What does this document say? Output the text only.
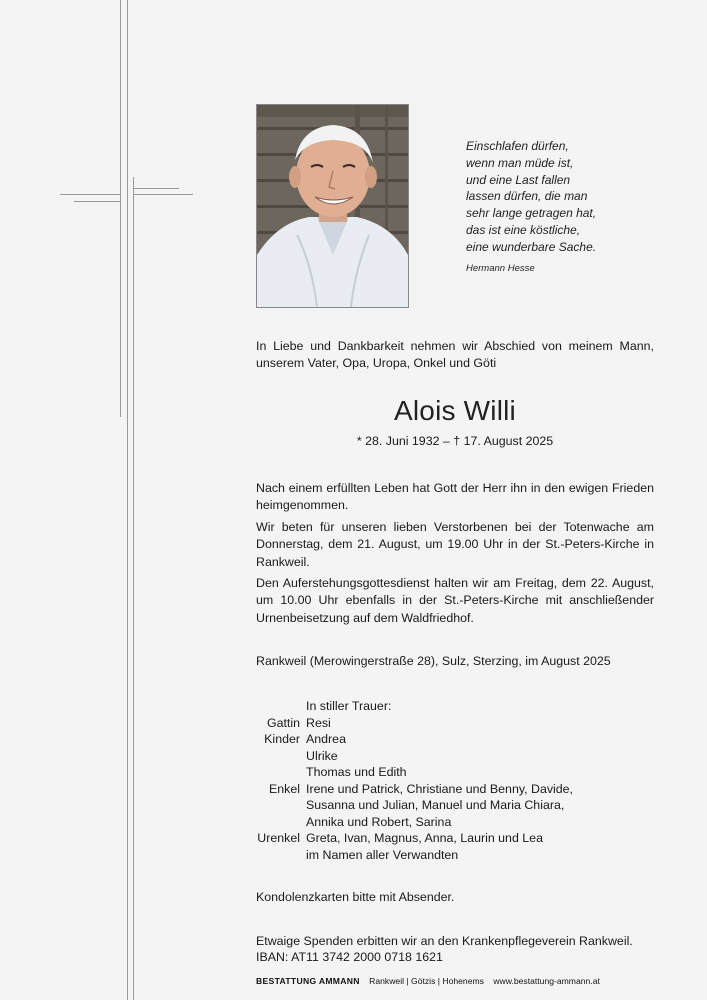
Einschlafen dürfen,
wenn man müde ist,
und eine Last fallen
lassen dürfen, die man
sehr lange getragen hat,
das ist eine köstliche,
eine wunderbare Sache.
Hermann Hesse
In Liebe und Dankbarkeit nehmen wir Abschied von meinem Mann, unserem Vater, Opa, Uropa, Onkel und Göti
Alois Willi
* 28. Juni 1932 – † 17. August 2025
Nach einem erfüllten Leben hat Gott der Herr ihn in den ewigen Frieden heimgenommen.
Wir beten für unseren lieben Verstorbenen bei der Totenwache am Donnerstag, dem 21. August, um 19.00 Uhr in der St.-Peters-Kirche in Rankweil.
Den Auferstehungsgottesdienst halten wir am Freitag, dem 22. August, um 10.00 Uhr ebenfalls in der St.-Peters-Kirche mit anschließender Urnenbeisetzung auf dem Waldfriedhof.
Rankweil (Merowingerstraße 28), Sulz, Sterzing, im August 2025
In stiller Trauer:
Gattin Resi
Kinder Andrea
Ulrike
Thomas und Edith
Enkel Irene und Patrick, Christiane und Benny, Davide,
Susanna und Julian, Manuel und Maria Chiara,
Annika und Robert, Sarina
Urenkel Greta, Ivan, Magnus, Anna, Laurin und Lea
im Namen aller Verwandten
Kondolenzkarten bitte mit Absender.
Etwaige Spenden erbitten wir an den Krankenpflegeverein Rankweil.
IBAN: AT11 3742 2000 0718 1621
BESTATTUNG AMMANN Rankweil | Götzis | Hohenems www.bestattung-ammann.at
